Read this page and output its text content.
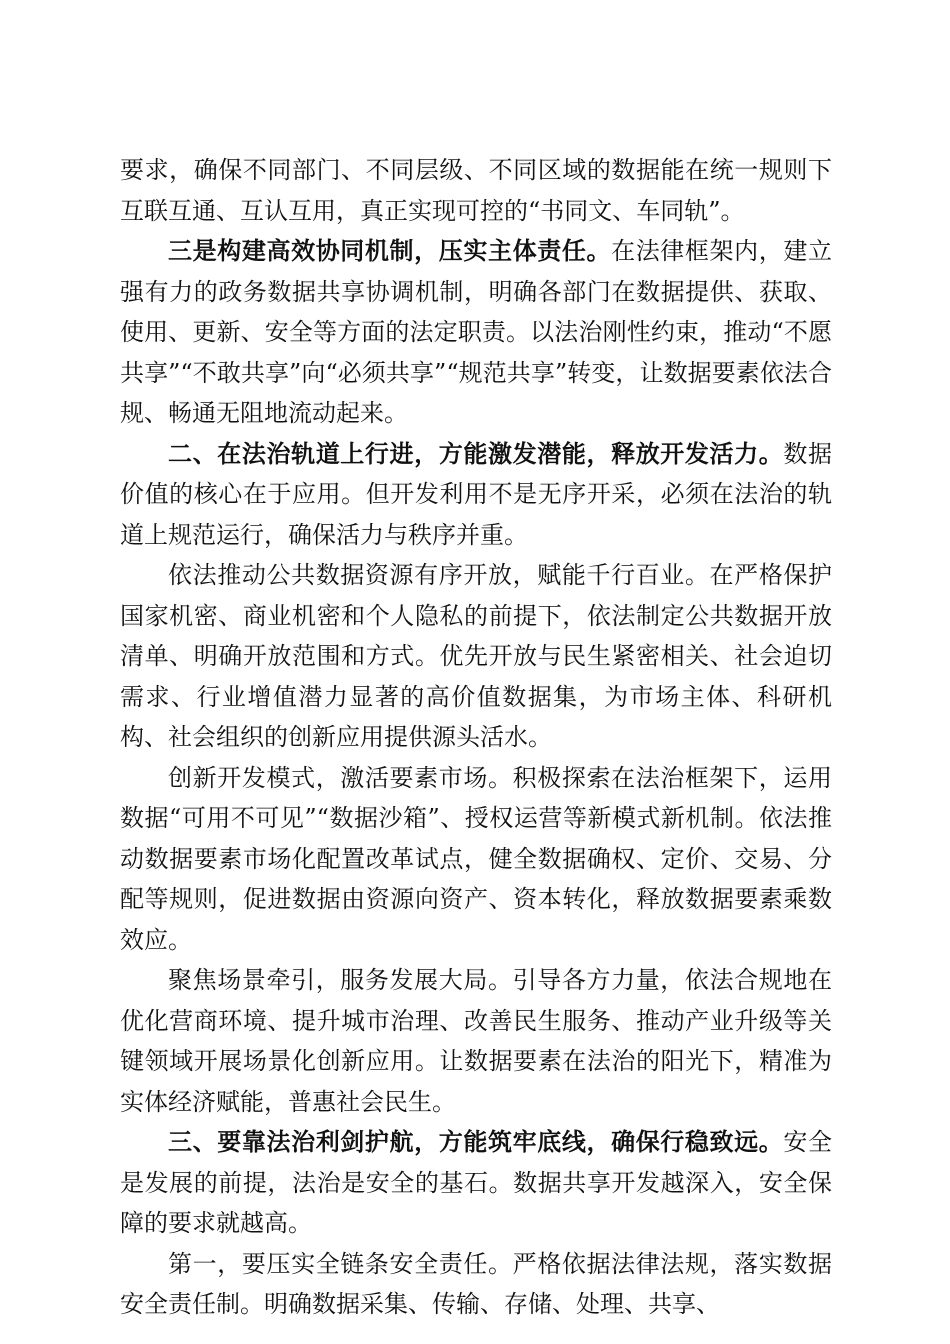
要求，确保不同部门、不同层级、不同区域的数据能在统一规则下互联互通、互认互用，真正实现可控的“书同文、车同轨”。

三是构建高效协同机制，压实主体责任。在法律框架内，建立强有力的政务数据共享协调机制，明确各部门在数据提供、获取、使用、更新、安全等方面的法定职责。以法治刚性约束，推动“不愿共享”“不敢共享”向“必须共享”“规范共享”转变，让数据要素依法合规、畅通无阻地流动起来。

二、在法治轨道上行进，方能激发潜能，释放开发活力。数据价值的核心在于应用。但开发利用不是无序开采，必须在法治的轨道上规范运行，确保活力与秩序并重。

依法推动公共数据资源有序开放，赋能千行百业。在严格保护国家机密、商业机密和个人隐私的前提下，依法制定公共数据开放清单、明确开放范围和方式。优先开放与民生紧密相关、社会迫切需求、行业增值潜力显著的高价值数据集，为市场主体、科研机构、社会组织的创新应用提供源头活水。

创新开发模式，激活要素市场。积极探索在法治框架下，运用数据“可用不可见”“数据沙箱”、授权运营等新模式新机制。依法推动数据要素市场化配置改革试点，健全数据确权、定价、交易、分配等规则，促进数据由资源向资产、资本转化，释放数据要素乘数效应。

聚焦场景牵引，服务发展大局。引导各方力量，依法合规地在优化营商环境、提升城市治理、改善民生服务、推动产业升级等关键领域开展场景化创新应用。让数据要素在法治的阳光下，精准为实体经济赋能，普惠社会民生。

三、要靠法治利剑护航，方能筑牢底线，确保行稳致远。安全是发展的前提，法治是安全的基石。数据共享开发越深入，安全保障的要求就越高。

第一，要压实全链条安全责任。严格依据法律法规，落实数据安全责任制。明确数据采集、传输、存储、处理、共享、
